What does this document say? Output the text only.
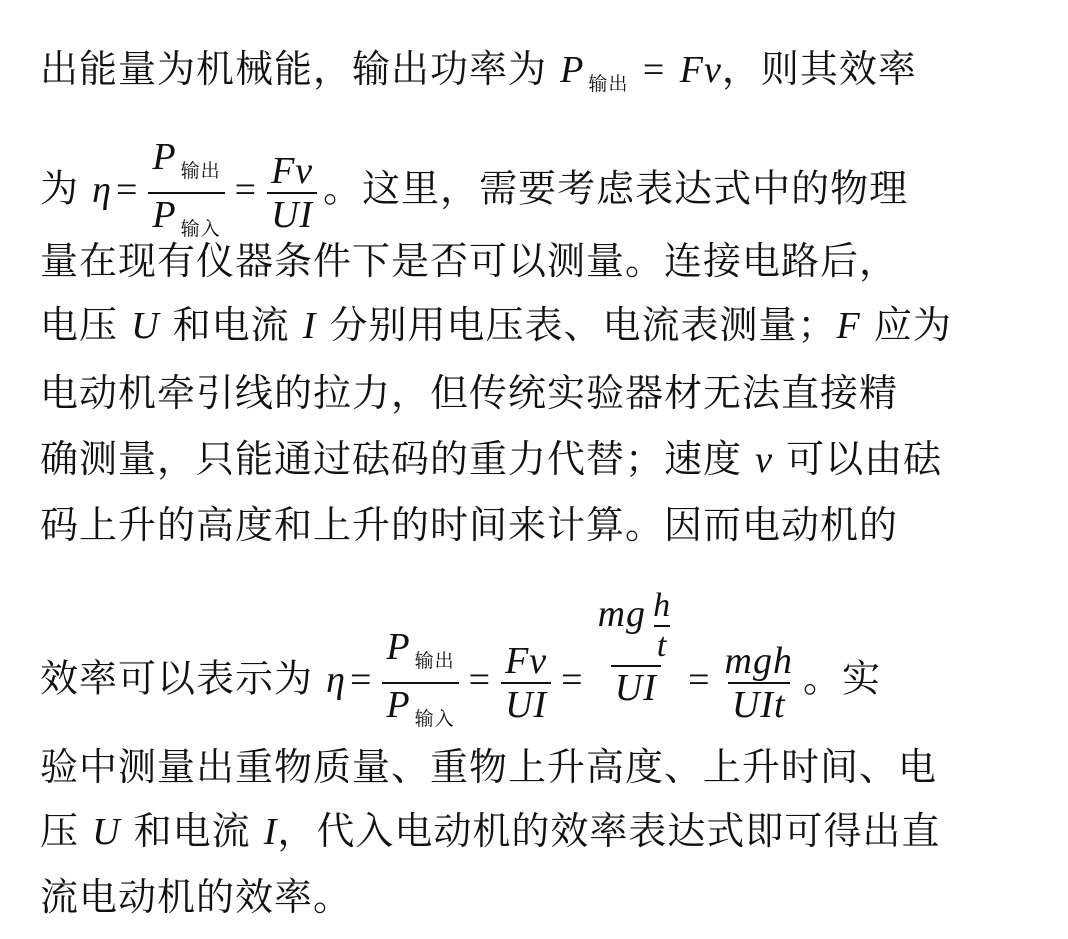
出能量为机械能，输出功率为 P $_{输出}$ = Fv，则其效率
为 $\eta = \frac{P _{输出}}{P _{输入}} = \frac{Fv}{UI}$ 。这里，需要考虑表达式中的物理
量在现有仪器条件下是否可以测量。连接电路后，
电压 U 和电流 I 分别用电压表、电流表测量；F 应为
电动机牵引线的拉力，但传统实验器材无法直接精
确测量，只能通过砝码的重力代替；速度 v 可以由砝
码上升的高度和上升的时间来计算。因而电动机的
效率可以表示为 $\eta = \frac{P _{输出}}{P _{输入}} = \frac{Fv}{UI} = \frac{mg \frac{h}{t}}{UI} = \frac{\text{mgh}}{\text{UIt}}$ 。实
验中测量出重物质量、重物上升高度、上升时间、电
压 U 和电流 I，代入电动机的效率表达式即可得出直
流电动机的效率。
